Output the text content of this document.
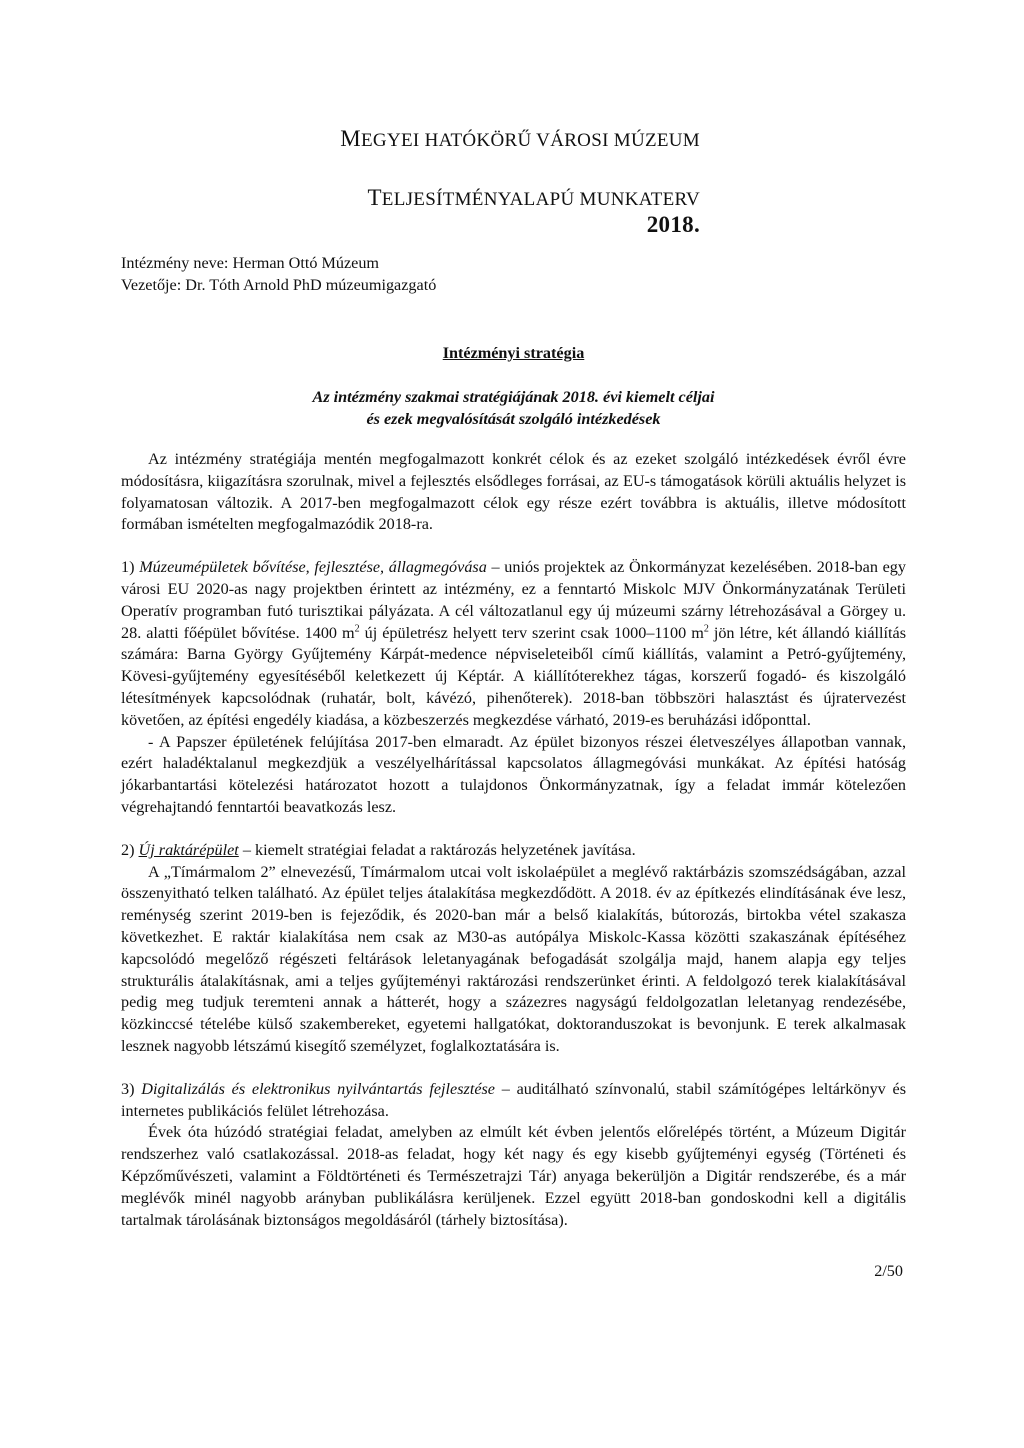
MEGYEI HATÓKÖRŰ VÁROSI MÚZEUM
TELJESÍTMÉNYALAPÚ MUNKATERV
2018.
Intézmény neve: Herman Ottó Múzeum
Vezetője: Dr. Tóth Arnold PhD múzeumigazgató
Intézményi stratégia
Az intézmény szakmai stratégiájának 2018. évi kiemelt céljai
és ezek megvalósítását szolgáló intézkedések

Az intézmény stratégiája mentén megfogalmazott konkrét célok és az ezeket szolgáló intézkedések évről évre módosításra, kiigazításra szorulnak, mivel a fejlesztés elsődleges forrásai, az EU-s támogatások körüli aktuális helyzet is folyamatosan változik. A 2017-ben megfogalmazott célok egy része ezért továbbra is aktuális, illetve módosított formában ismételten megfogalmazódik 2018-ra.

1) Múzeumépületek bővítése, fejlesztése, állagmegóvása – uniós projektek az Önkormányzat kezelésében. 2018-ban egy városi EU 2020-as nagy projektben érintett az intézmény, ez a fenntartó Miskolc MJV Önkormányzatának Területi Operatív programban futó turisztikai pályázata. A cél változatlanul egy új múzeumi szárny létrehozásával a Görgey u. 28. alatti főépület bővítése. 1400 $m^2$ új épületrész helyett terv szerint csak 1000–1100 $m^2$ jön létre, két állandó kiállítás számára: Barna György Gyűjtemény Kárpát-medence népviseleteiből című kiállítás, valamint a Petró-gyűjtemény, Kövesi-gyűjtemény egyesítéséből keletkezett új Képtár. A kiállítóterekhez tágas, korszerű fogadó- és kiszolgáló létesítmények kapcsolódnak (ruhatár, bolt, kávézó, pihenőterek). 2018-ban többszöri halasztást és újratervezést követően, az építési engedély kiadása, a közbeszerzés megkezdése várható, 2019-es beruházási időponttal.

- A Papszer épületének felújítása 2017-ben elmaradt. Az épület bizonyos részei életveszélyes állapotban vannak, ezért haladéktalanul megkezdjük a veszélyelhárítással kapcsolatos állagmegóvási munkákat. Az építési hatóság jókarbantartási kötelezési határozatot hozott a tulajdonos Önkormányzatnak, így a feladat immár kötelezően végrehajtandó fenntartói beavatkozás lesz.

2) Új raktárépület – kiemelt stratégiai feladat a raktározás helyzetének javítása.

A „Tímármalom 2” elnevezésű, Tímármalom utcai volt iskolaépület a meglévő raktárbázis szomszédságában, azzal összenyitható telken található. Az épület teljes átalakítása megkezdődött. A 2018. év az építkezés elindításának éve lesz, reménység szerint 2019-ben is fejeződik, és 2020-ban már a belső kialakítás, bútorozás, birtokba vétel szakasza következhet. E raktár kialakítása nem csak az M30-as autópálya Miskolc-Kassa közötti szakaszának építéséhez kapcsolódó megelőző régészeti feltárások leletanyagának befogadását szolgálja majd, hanem alapja egy teljes strukturális átalakításnak, ami a teljes gyűjteményi raktározási rendszerünket érinti. A feldolgozó terek kialakításával pedig meg tudjuk teremteni annak a hátterét, hogy a százezres nagyságú feldolgozatlan leletanyag rendezésébe, közkinccsé tételébe külső szakembereket, egyetemi hallgatókat, doktoranduszokat is bevonjunk. E terek alkalmasak lesznek nagyobb létszámú kisegítő személyzet, foglalkoztatására is.

3) Digitalizálás és elektronikus nyilvántartás fejlesztése – auditálható színvonalú, stabil számítógépes leltárkönyv és internetes publikációs felület létrehozása.

Évek óta húzódó stratégiai feladat, amelyben az elmúlt két évben jelentős előrelépés történt, a Múzeum Digitár rendszerhez való csatlakozással. 2018-as feladat, hogy két nagy és egy kisebb gyűjteményi egység (Történeti és Képzőművészeti, valamint a Földtörténeti és Természetrajzi Tár) anyaga bekerüljön a Digitár rendszerébe, és a már meglévők minél nagyobb arányban publikálásra kerüljenek. Ezzel együtt 2018-ban gondoskodni kell a digitális tartalmak tárolásának biztonságos megoldásáról (tárhely biztosítása).

2/50
